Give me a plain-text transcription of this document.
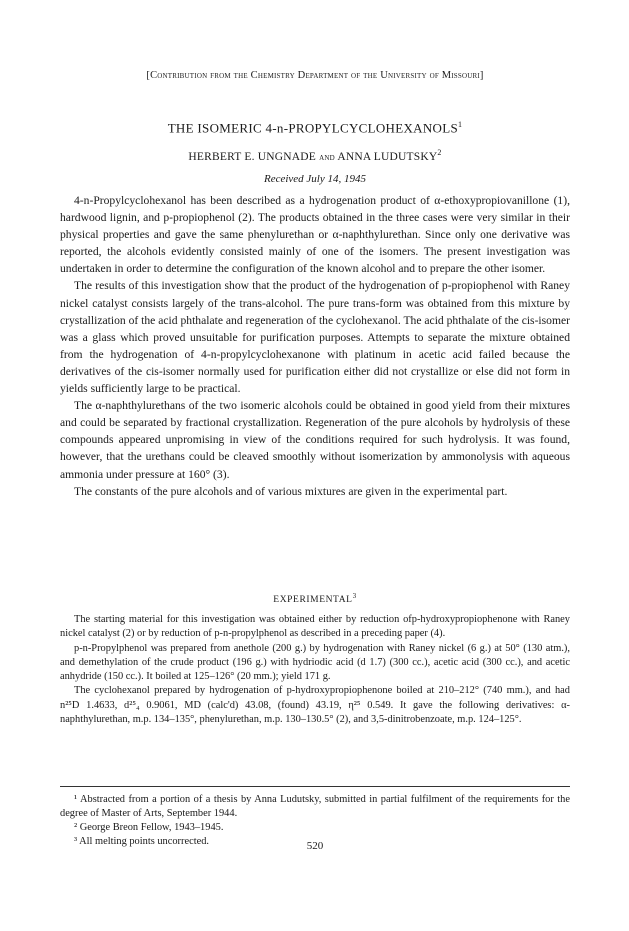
[Contribution from the Chemistry Department of the University of Missouri]
THE ISOMERIC 4-n-PROPYLCYCLOHEXANOLS$^1$
HERBERT E. UNGNADE and ANNA LUDUTSKY$^2$
Received July 14, 1945

4-n-Propylcyclohexanol has been described as a hydrogenation product of α-ethoxypropiovanillone (1), hardwood lignin, and p-propiophenol (2). The products obtained in the three cases were very similar in their physical properties and gave the same phenylurethan or α-naphthylurethan. Since only one derivative was reported, the alcohols evidently consisted mainly of one of the isomers. The present investigation was undertaken in order to determine the configuration of the known alcohol and to prepare the other isomer.

The results of this investigation show that the product of the hydrogenation of p-propiophenol with Raney nickel catalyst consists largely of the trans-alcohol. The pure trans-form was obtained from this mixture by crystallization of the acid phthalate and regeneration of the cyclohexanol. The acid phthalate of the cis-isomer was a glass which proved unsuitable for purification purposes. Attempts to separate the mixture obtained from the hydrogenation of 4-n-propylcyclohexanone with platinum in acetic acid failed because the derivatives of the cis-isomer normally used for purification either did not crystallize or else did not form in yields sufficiently large to be practical.

The α-naphthylurethans of the two isomeric alcohols could be obtained in good yield from their mixtures and could be separated by fractional crystallization. Regeneration of the pure alcohols by hydrolysis of these compounds appeared unpromising in view of the conditions required for such hydrolysis. It was found, however, that the urethans could be cleaved smoothly without isomerization by ammonolysis with aqueous ammonia under pressure at 160° (3).

The constants of the pure alcohols and of various mixtures are given in the experimental part.

EXPERIMENTAL$^3$

The starting material for this investigation was obtained either by reduction ofp-hydroxypropiophenone with Raney nickel catalyst (2) or by reduction of p-n-propylphenol as described in a preceding paper (4).

p-n-Propylphenol was prepared from anethole (200 g.) by hydrogenation with Raney nickel (6 g.) at 50° (130 atm.), and demethylation of the crude product (196 g.) with hydriodic acid (d 1.7) (300 cc.), acetic acid (300 cc.), and acetic anhydride (150 cc.). It boiled at 125–126° (20 mm.); yield 171 g.

The cyclohexanol prepared by hydrogenation of p-hydroxypropiophenone boiled at 210–212° (740 mm.), and had n²⁵D 1.4633, d²⁵₄ 0.9061, MD (calc'd) 43.08, (found) 43.19, η²⁵ 0.549. It gave the following derivatives: α-naphthylurethan, m.p. 134–135°, phenylurethan, m.p. 130–130.5° (2), and 3,5-dinitrobenzoate, m.p. 124–125°.

¹ Abstracted from a portion of a thesis by Anna Ludutsky, submitted in partial fulfilment of the requirements for the degree of Master of Arts, September 1944.

² George Breon Fellow, 1943–1945.

³ All melting points uncorrected.	520
